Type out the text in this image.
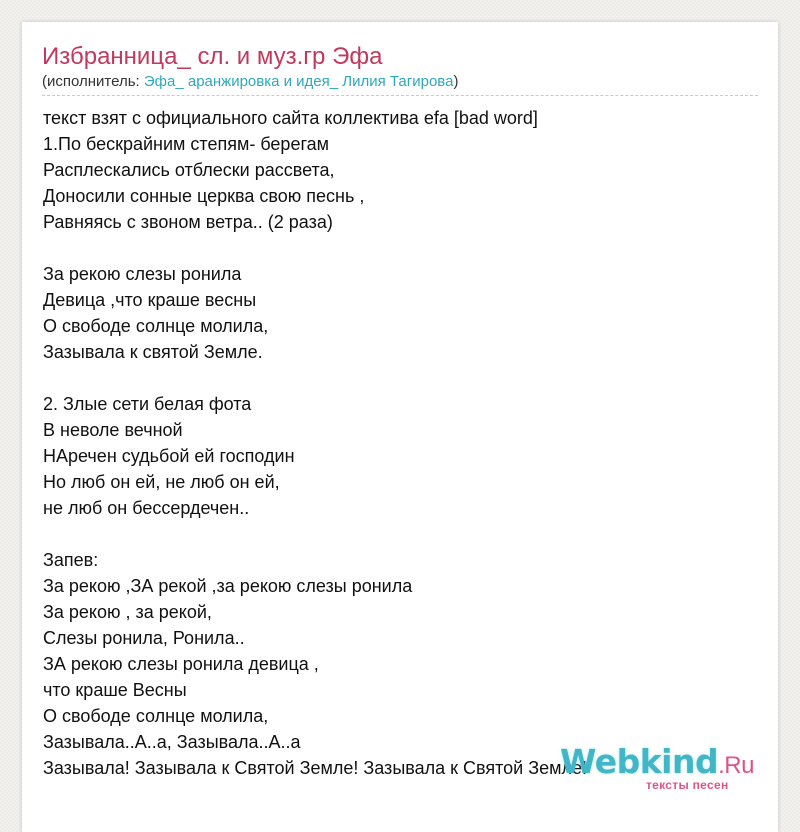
Избранница_ сл. и муз.гр Эфа
(исполнитель: Эфа_ аранжировка и идея_ Лилия Тагирова)
текст взят с официального сайта коллектива efa [bad word]
1.По бескрайним степям- берегам
Расплескались отблески рассвета,
Доносили сонные церква свою песнь ,
Равняясь с звоном ветра.. (2 раза)
За рекою слезы ронила
Девица ,что краше весны
О свободе солнце молила,
Зазывала к святой Земле.
2. Злые сети белая фота
В неволе вечной
НАречен судьбой ей господин
Но люб он ей, не люб он ей,
не люб он бессердечен..
Запев:
За рекою ,ЗА рекой ,за рекою слезы ронила
За рекою , за рекой,
Слезы ронила, Ронила..
ЗА рекою слезы ронила девица ,
что краше Весны
О свободе солнце молила,
Зазывала..А..а, Зазывала..А..а
Зазывала! Зазывала к Святой Земле! Зазывала к Святой Земле!
Webkind.Ru
тексты песен
